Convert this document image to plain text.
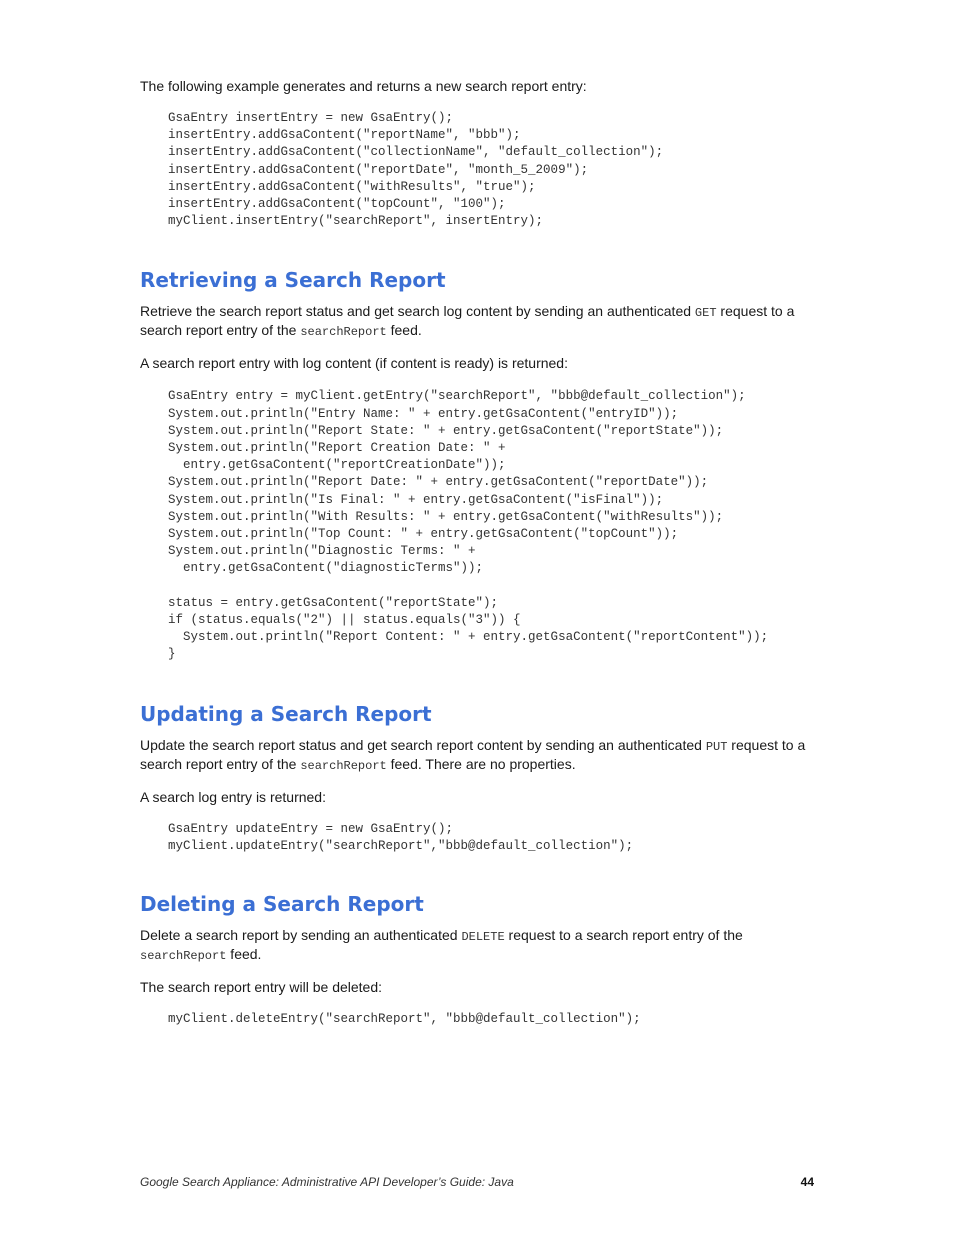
The following example generates and returns a new search report entry:

GsaEntry insertEntry = new GsaEntry();
insertEntry.addGsaContent("reportName", "bbb");
insertEntry.addGsaContent("collectionName", "default_collection");
insertEntry.addGsaContent("reportDate", "month_5_2009");
insertEntry.addGsaContent("withResults", "true");
insertEntry.addGsaContent("topCount", "100");
myClient.insertEntry("searchReport", insertEntry);
Retrieving a Search Report

Retrieve the search report status and get search log content by sending an authenticated GET request to a search report entry of the searchReport feed.

A search report entry with log content (if content is ready) is returned:

GsaEntry entry = myClient.getEntry("searchReport", "bbb@default_collection");
System.out.println("Entry Name: " + entry.getGsaContent("entryID"));
System.out.println("Report State: " + entry.getGsaContent("reportState"));
System.out.println("Report Creation Date: " +
entry.getGsaContent("reportCreationDate"));
System.out.println("Report Date: " + entry.getGsaContent("reportDate"));
System.out.println("Is Final: " + entry.getGsaContent("isFinal"));
System.out.println("With Results: " + entry.getGsaContent("withResults"));
System.out.println("Top Count: " + entry.getGsaContent("topCount"));
System.out.println("Diagnostic Terms: " +
entry.getGsaContent("diagnosticTerms"));

status = entry.getGsaContent("reportState");
if (status.equals("2") || status.equals("3")) {
System.out.println("Report Content: " + entry.getGsaContent("reportContent"));
}
Updating a Search Report

Update the search report status and get search report content by sending an authenticated PUT request to a search report entry of the searchReport feed. There are no properties.

A search log entry is returned:

GsaEntry updateEntry = new GsaEntry();
myClient.updateEntry("searchReport","bbb@default_collection");
Deleting a Search Report

Delete a search report by sending an authenticated DELETE request to a search report entry of the searchReport feed.

The search report entry will be deleted:

myClient.deleteEntry("searchReport", "bbb@default_collection");
Google Search Appliance: Administrative API Developer’s Guide: Java	44
